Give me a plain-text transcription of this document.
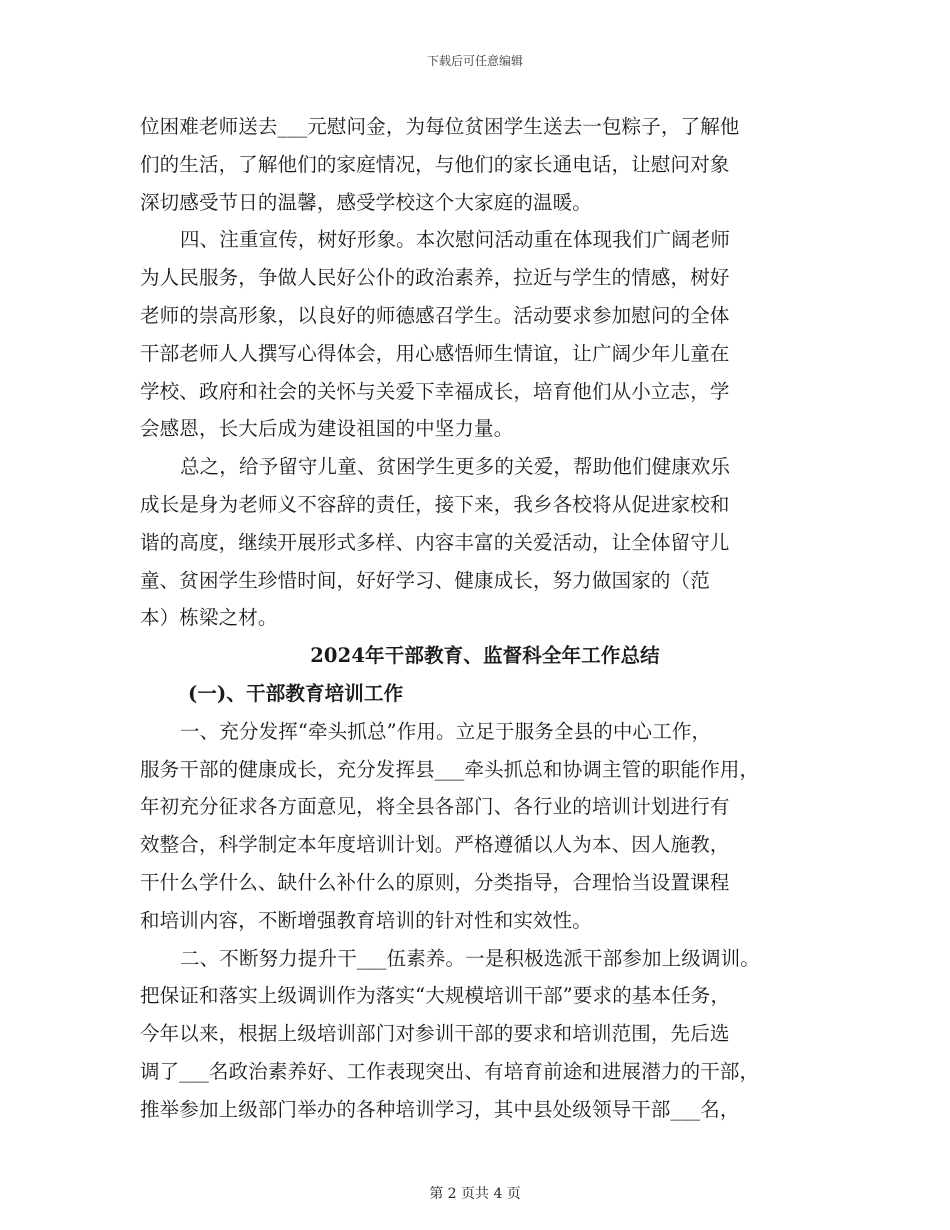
下载后可任意编辑
位困难老师送去___元慰问金，为每位贫困学生送去一包粽子，了解他
们的生活，了解他们的家庭情况，与他们的家长通电话，让慰问对象
深切感受节日的温馨，感受学校这个大家庭的温暖。
四、注重宣传，树好形象。本次慰问活动重在体现我们广阔老师
为人民服务，争做人民好公仆的政治素养，拉近与学生的情感，树好
老师的崇高形象，以良好的师德感召学生。活动要求参加慰问的全体
干部老师人人撰写心得体会，用心感悟师生情谊，让广阔少年儿童在
学校、政府和社会的关怀与关爱下幸福成长，培育他们从小立志，学
会感恩，长大后成为建设祖国的中坚力量。
总之，给予留守儿童、贫困学生更多的关爱，帮助他们健康欢乐
成长是身为老师义不容辞的责任，接下来，我乡各校将从促进家校和
谐的高度，继续开展形式多样、内容丰富的关爱活动，让全体留守儿
童、贫困学生珍惜时间，好好学习、健康成长，努力做国家的（范
本）栋梁之材。
2024年干部教育、监督科全年工作总结
(一)、干部教育培训工作
一、充分发挥“牵头抓总”作用。立足于服务全县的中心工作，
服务干部的健康成长，充分发挥县___牵头抓总和协调主管的职能作用，
年初充分征求各方面意见，将全县各部门、各行业的培训计划进行有
效整合，科学制定本年度培训计划。严格遵循以人为本、因人施教，
干什么学什么、缺什么补什么的原则，分类指导，合理恰当设置课程
和培训内容，不断增强教育培训的针对性和实效性。
二、不断努力提升干___伍素养。一是积极选派干部参加上级调训。
把保证和落实上级调训作为落实“大规模培训干部”要求的基本任务，
今年以来，根据上级培训部门对参训干部的要求和培训范围，先后选
调了___名政治素养好、工作表现突出、有培育前途和进展潜力的干部，
推举参加上级部门举办的各种培训学习，其中县处级领导干部___名，
第 2 页共 4 页
